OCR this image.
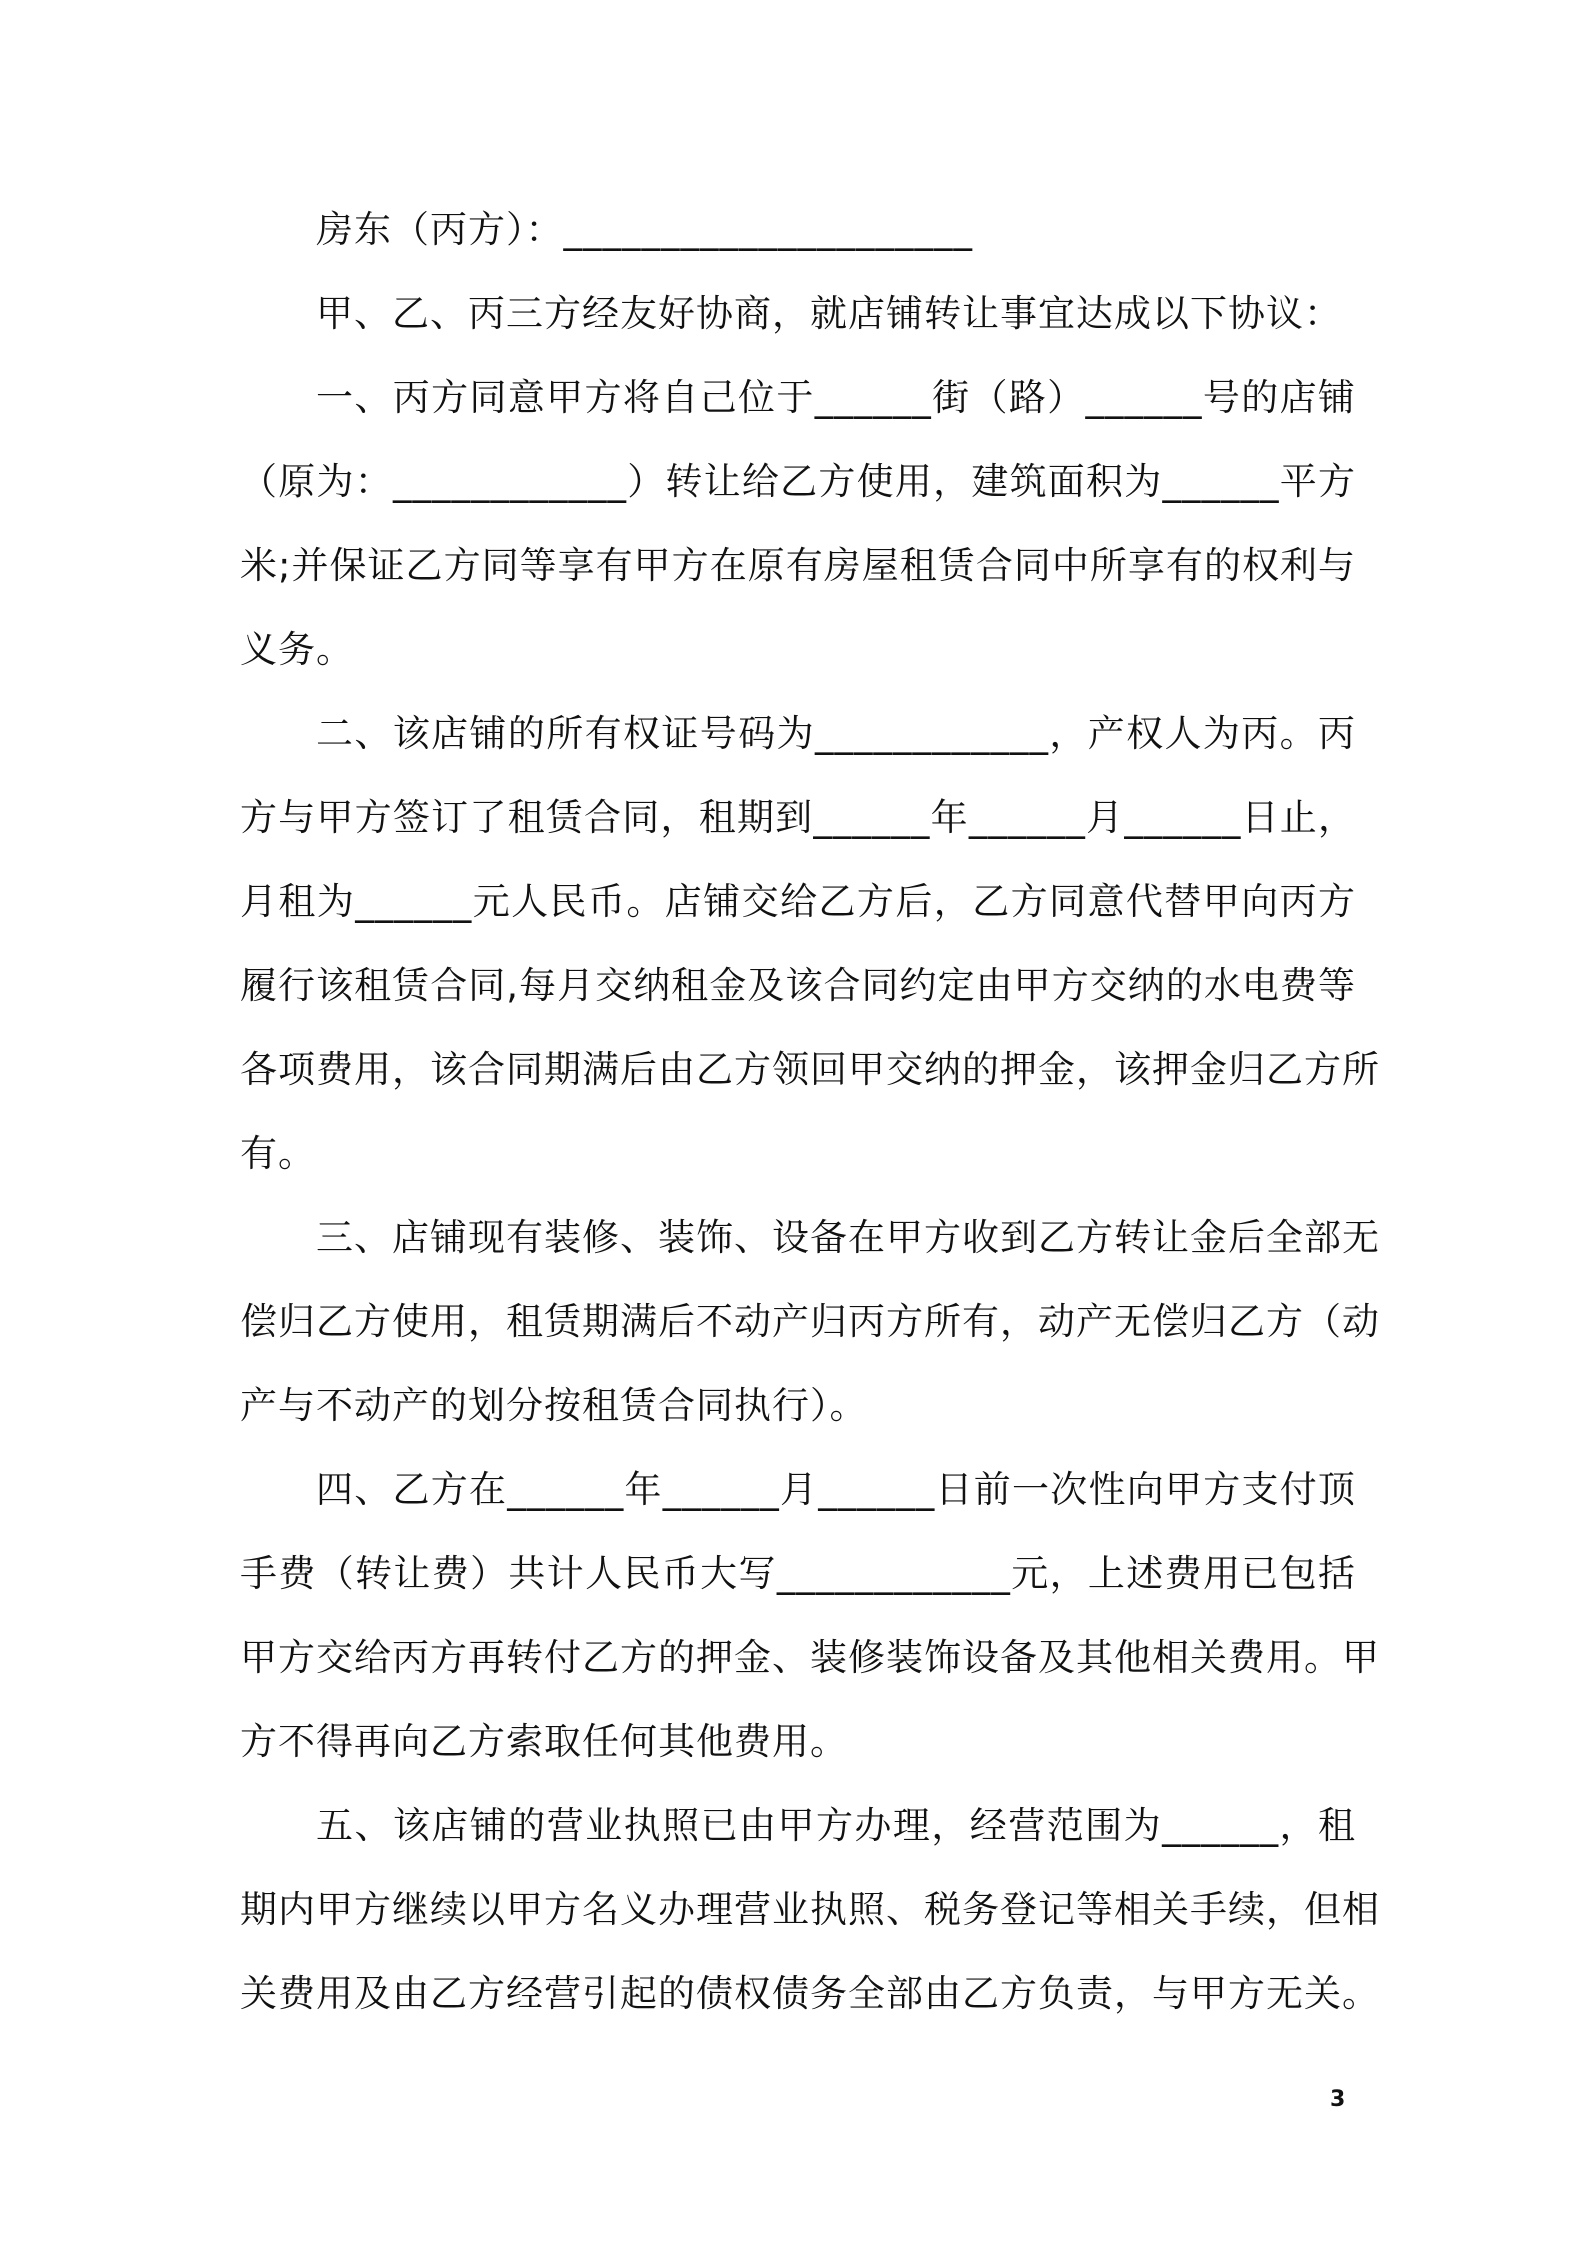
房东（丙方）：_____________________
甲、乙、丙三方经友好协商，就店铺转让事宜达成以下协议：
一、丙方同意甲方将自己位于______街（路）______号的店铺
（原为：____________）转让给乙方使用，建筑面积为______平方
米;并保证乙方同等享有甲方在原有房屋租赁合同中所享有的权利与
义务。
二、该店铺的所有权证号码为____________，产权人为丙。丙
方与甲方签订了租赁合同，租期到______年______月______日止，
月租为______元人民币。店铺交给乙方后，乙方同意代替甲向丙方
履行该租赁合同,每月交纳租金及该合同约定由甲方交纳的水电费等
各项费用，该合同期满后由乙方领回甲交纳的押金，该押金归乙方所
有。
三、店铺现有装修、装饰、设备在甲方收到乙方转让金后全部无
偿归乙方使用，租赁期满后不动产归丙方所有，动产无偿归乙方（动
产与不动产的划分按租赁合同执行）。
四、乙方在______年______月______日前一次性向甲方支付顶
手费（转让费）共计人民币大写____________元，上述费用已包括
甲方交给丙方再转付乙方的押金、装修装饰设备及其他相关费用。甲
方不得再向乙方索取任何其他费用。
五、该店铺的营业执照已由甲方办理，经营范围为______，租
期内甲方继续以甲方名义办理营业执照、税务登记等相关手续，但相
关费用及由乙方经营引起的债权债务全部由乙方负责，与甲方无关。
3
